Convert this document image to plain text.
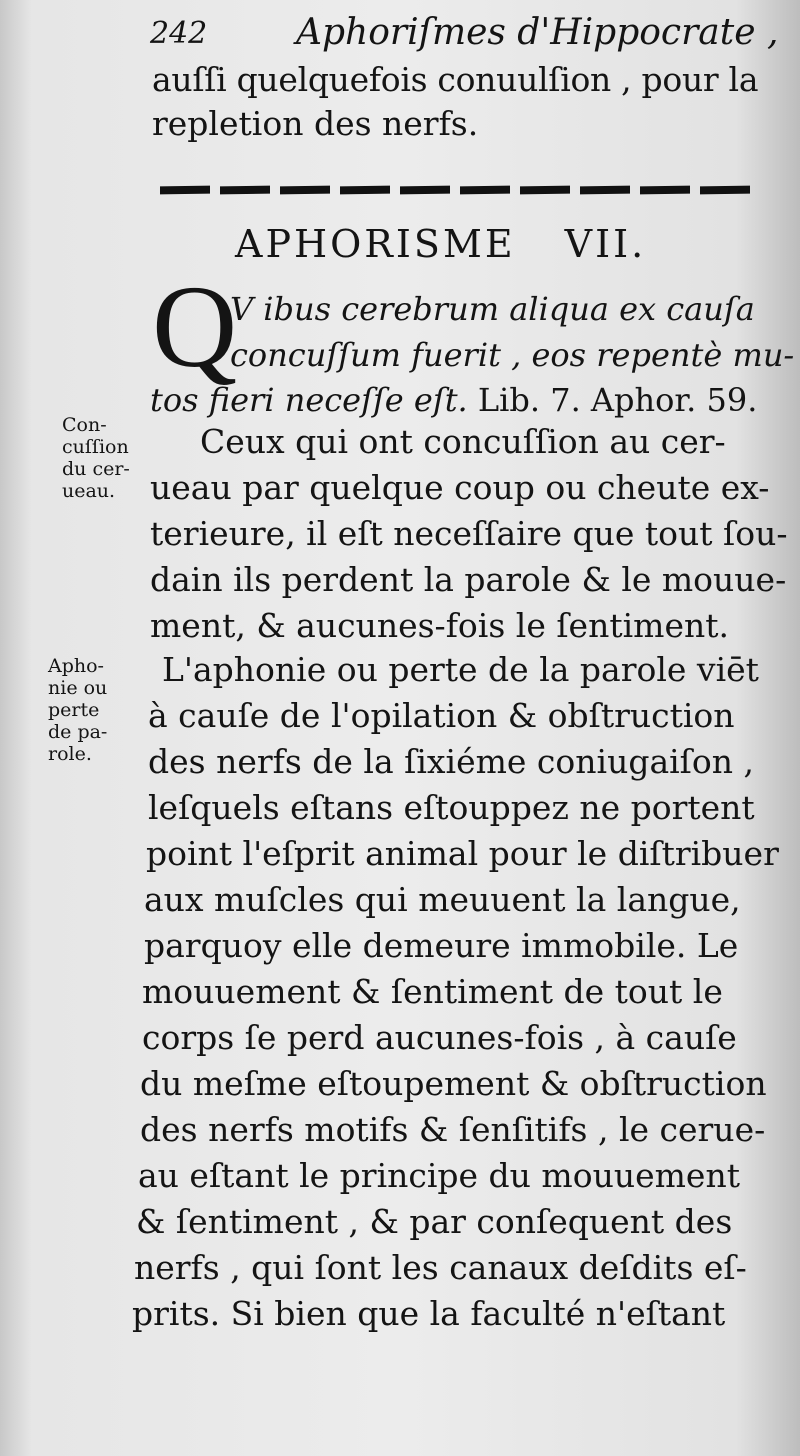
242 Aphoriſmes d'Hippocrate ,
auſſi quelquefois conuulſion , pour la
repletion des nerfs.
APHORISME VII.
Q
V ibus cerebrum aliqua ex cauſa
concuſſum fuerit , eos repentè mu-
tos fieri neceſſe eſt. Lib. 7. Aphor. 59.
Con-
cuſſion
du cer-
ueau.
Apho-
nie ou
perte
de pa-
role.
Ceux qui ont concuſſion au cer-
ueau par quelque coup ou cheute ex-
terieure, il eſt neceſſaire que tout ſou-
dain ils perdent la parole & le mouue-
ment, & aucunes-fois le ſentiment.
L'aphonie ou perte de la parole viēt
à cauſe de l'opilation & obſtruction
des nerfs de la ſixiéme coniugaiſon ,
leſquels eſtans eſtouppez ne portent
point l'eſprit animal pour le diſtribuer
aux muſcles qui meuuent la langue,
parquoy elle demeure immobile. Le
mouuement & ſentiment de tout le
corps ſe perd aucunes-fois , à cauſe
du meſme eſtoupement & obſtruction
des nerfs motifs & ſenſitifs , le cerue-
au eſtant le principe du mouuement
& ſentiment , & par conſequent des
nerfs , qui ſont les canaux deſdits eſ-
prits. Si bien que la faculté n'eſtant
